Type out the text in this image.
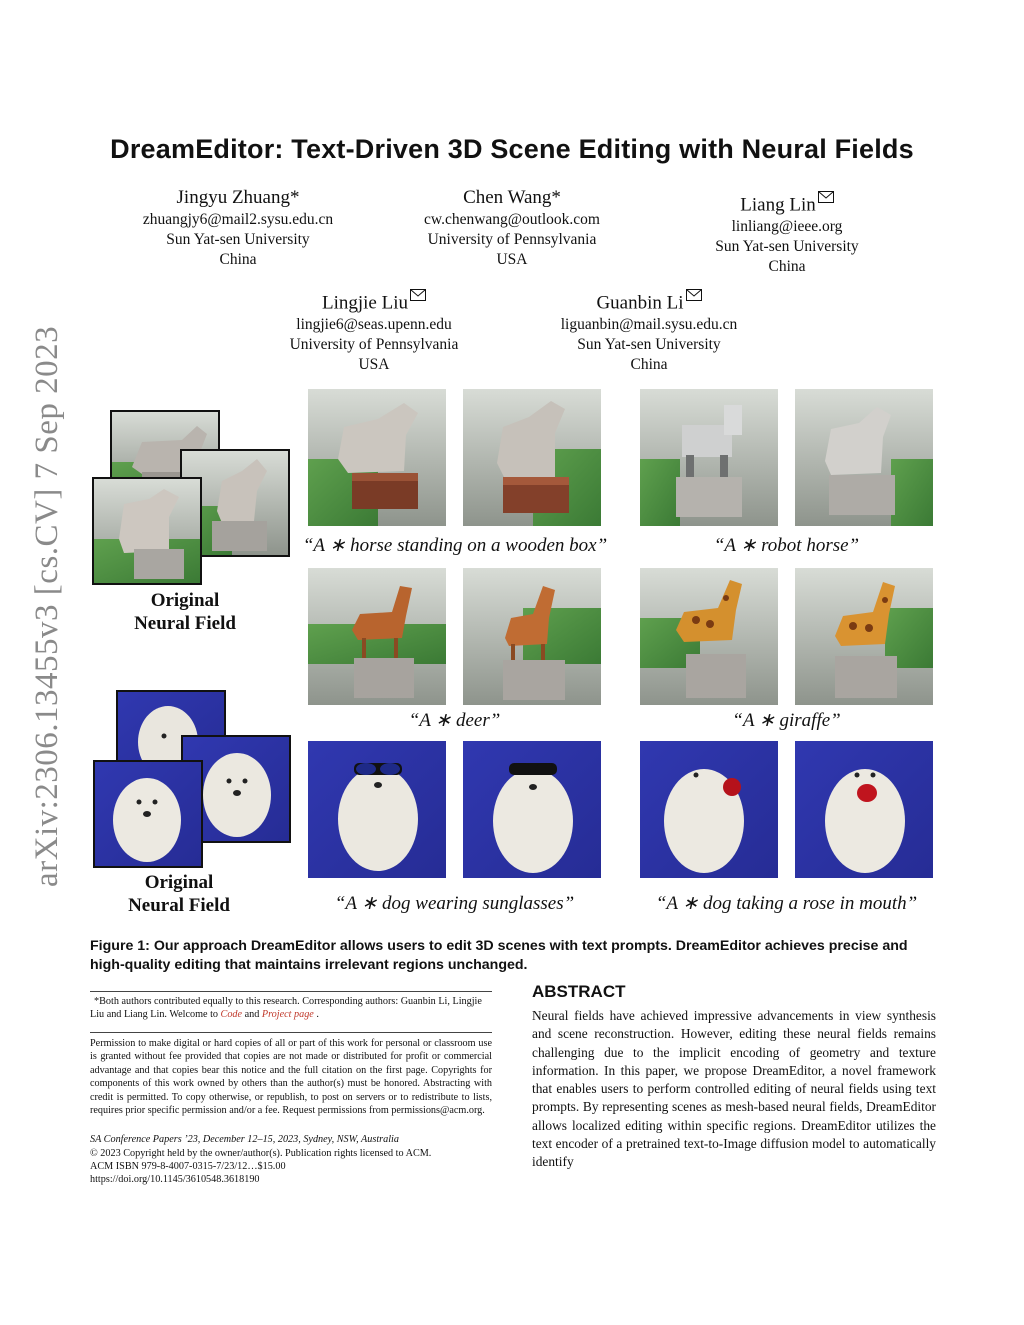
arXiv:2306.13455v3 [cs.CV] 7 Sep 2023
DreamEditor: Text-Driven 3D Scene Editing with Neural Fields
Jingyu Zhuang*
zhuangjy6@mail2.sysu.edu.cn
Sun Yat-sen University
China
Chen Wang*
cw.chenwang@outlook.com
University of Pennsylvania
USA
Liang Lin
linliang@ieee.org
Sun Yat-sen University
China
Lingjie Liu
lingjie6@seas.upenn.edu
University of Pennsylvania
USA
Guanbin Li
liguanbin@mail.sysu.edu.cn
Sun Yat-sen University
China
Original
Neural Field
“A ∗ horse standing on a wooden box”	“A ∗ robot horse”
“A ∗ deer”	“A ∗ giraffe”
Original
Neural Field	“A ∗ dog wearing sunglasses”	“A ∗ dog taking a rose in mouth”
Figure 1: Our approach DreamEditor allows users to edit 3D scenes with text prompts. DreamEditor achieves precise and high-quality editing that maintains irrelevant regions unchanged.
*Both authors contributed equally to this research. Corresponding authors: Guanbin Li, Lingjie Liu and Liang Lin. Welcome to Code and Project page .
Permission to make digital or hard copies of all or part of this work for personal or classroom use is granted without fee provided that copies are not made or distributed for profit or commercial advantage and that copies bear this notice and the full citation on the first page. Copyrights for components of this work owned by others than the author(s) must be honored. Abstracting with credit is permitted. To copy otherwise, or republish, to post on servers or to redistribute to lists, requires prior specific permission and/or a fee. Request permissions from permissions@acm.org.
SA Conference Papers ’23, December 12–15, 2023, Sydney, NSW, Australia
© 2023 Copyright held by the owner/author(s). Publication rights licensed to ACM.
ACM ISBN 979-8-4007-0315-7/23/12…$15.00
https://doi.org/10.1145/3610548.3618190
ABSTRACT
Neural fields have achieved impressive advancements in view synthesis and scene reconstruction. However, editing these neural fields remains challenging due to the implicit encoding of geometry and texture information. In this paper, we propose DreamEditor, a novel framework that enables users to perform controlled editing of neural fields using text prompts. By representing scenes as mesh-based neural fields, DreamEditor allows localized editing within specific regions. DreamEditor utilizes the text encoder of a pretrained text-to-Image diffusion model to automatically identify
